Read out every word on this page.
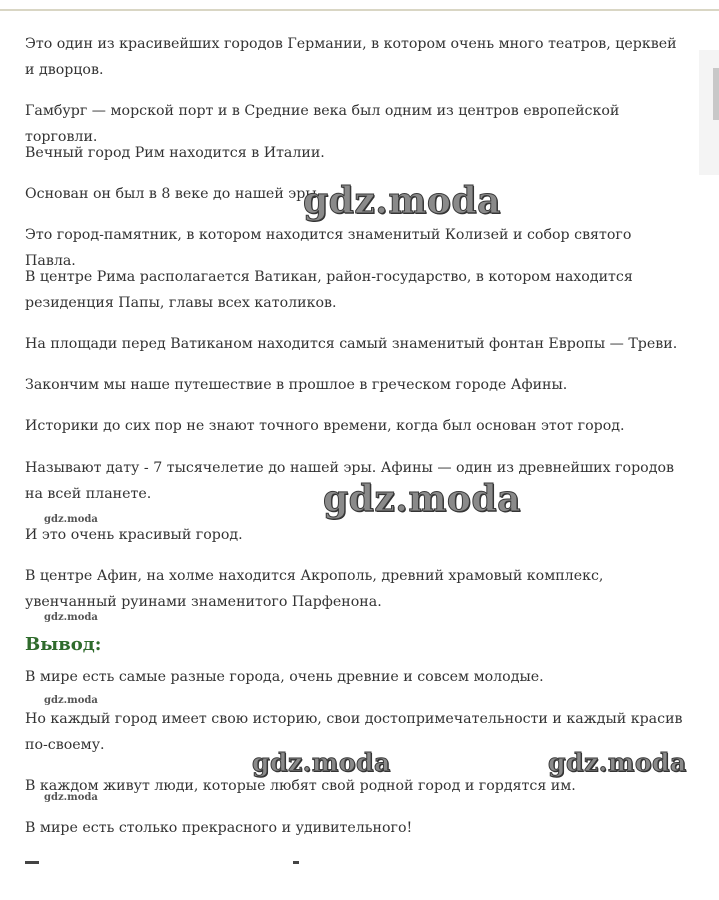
Это один из красивейших городов Германии, в котором очень много театров, церквей и дворцов.

Гамбург — морской порт и в Средние века был одним из центров европейской торговли.

Вечный город Рим находится в Италии.

Основан он был в 8 веке до нашей эры.

Это город-памятник, в котором находится знаменитый Колизей и собор святого Павла.

В центре Рима располагается Ватикан, район-государство, в котором находится резиденция Папы, главы всех католиков.

На площади перед Ватиканом находится самый знаменитый фонтан Европы — Треви.

Закончим мы наше путешествие в прошлое в греческом городе Афины.

Историки до сих пор не знают точного времени, когда был основан этот город.

Называют дату - 7 тысячелетие до нашей эры. Афины — один из древнейших городов на всей планете.

И это очень красивый город.

В центре Афин, на холме находится Акрополь, древний храмовый комплекс, увенчанный руинами знаменитого Парфенона.

Вывод:

В мире есть самые разные города, очень древние и совсем молодые.

Но каждый город имеет свою историю, свои достопримечательности и каждый красив по-своему.

В каждом живут люди, которые любят свой родной город и гордятся им.

В мире есть столько прекрасного и удивительного!

gdz.moda
gdz.moda
gdz.moda	gdz.moda
gdz.moda
gdz.moda
gdz.moda
gdz.moda
